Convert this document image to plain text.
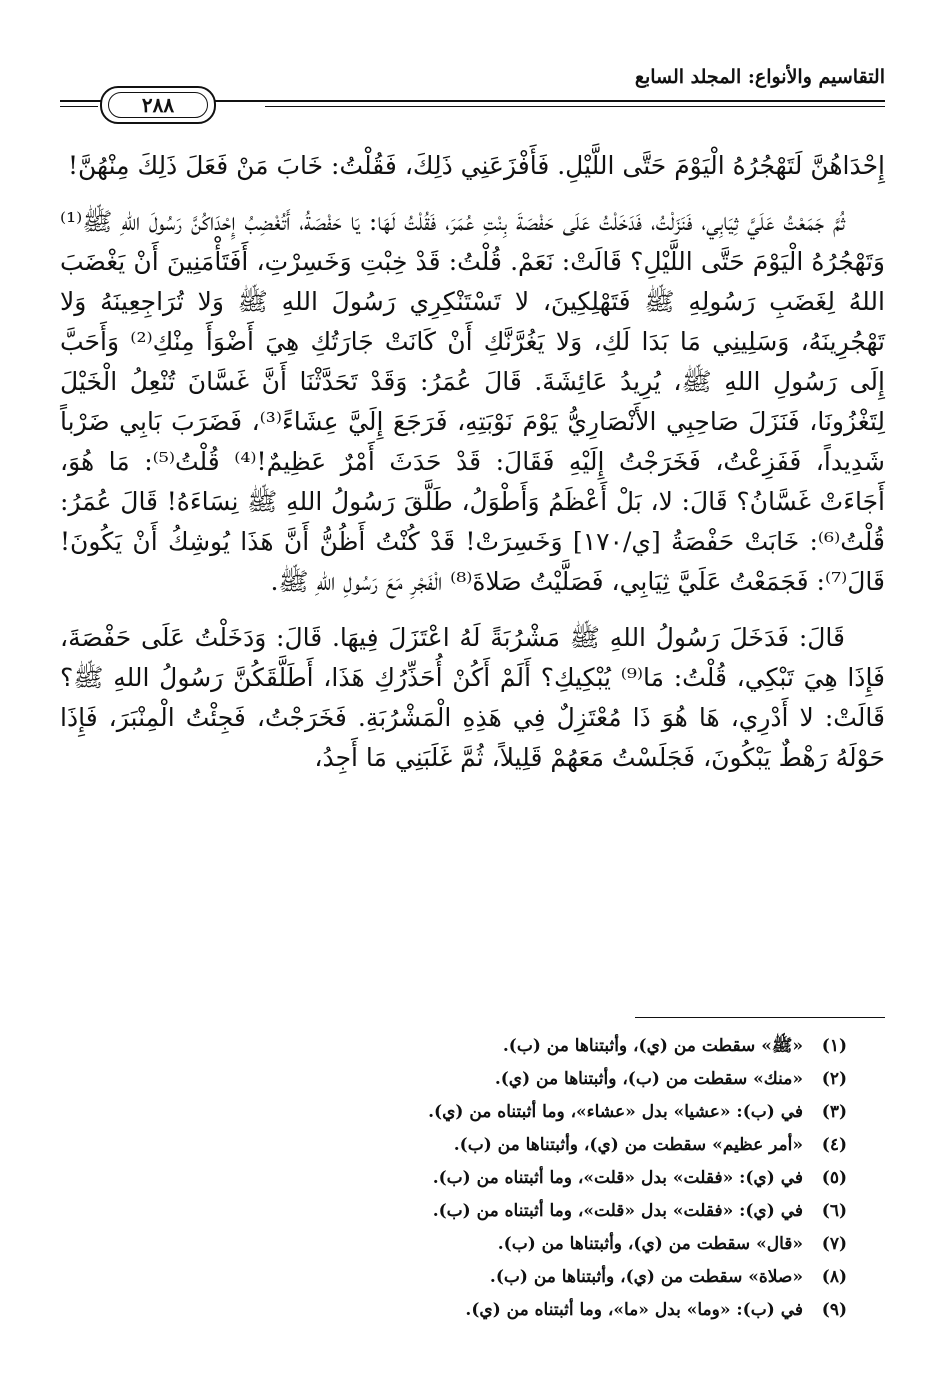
التقاسيم والأنواع: المجلد السابع
٢٨٨

إِحْدَاهُنَّ لَتَهْجُرُهُ الْيَوْمَ حَتَّى اللَّيْلِ. فَأَفْزَعَنِي ذَلِكَ، فَقُلْتُ: خَابَ مَنْ فَعَلَ ذَلِكَ مِنْهُنَّ!

ثُمَّ جَمَعْتُ عَلَيَّ ثِيَابِي، فَنَزَلْتُ، فَدَخَلْتُ عَلَى حَفْصَةَ بِنْتِ عُمَرَ، فَقُلْتُ لَهَا: يَا حَفْصَةُ، أَتُغْضِبُ إِحْدَاكُنَّ رَسُولَ اللهِ ﷺ⁽¹⁾ وَتَهْجُرُهُ الْيَوْمَ حَتَّى اللَّيْلِ؟ قَالَتْ: نَعَمْ. قُلْتُ: قَدْ خِبْتِ وَخَسِرْتِ، أَفَتَأْمَنِينَ أَنْ يَغْضَبَ اللهُ لِغَضَبِ رَسُولِهِ ﷺ فَتَهْلِكِينَ، لا تَسْتَنْكِرِي رَسُولَ اللهِ ﷺ وَلا تُرَاجِعِينَهُ وَلا تَهْجُرِينَهُ، وَسَلِينِي مَا بَدَا لَكِ، وَلا يَغُرَّنَّكِ أَنْ كَانَتْ جَارَتُكِ هِيَ أَضْوَأَ مِنْكِ⁽²⁾ وَأَحَبَّ إِلَى رَسُولِ اللهِ ﷺ، يُرِيدُ عَائِشَةَ. قَالَ عُمَرُ: وَقَدْ تَحَدَّثْنَا أَنَّ غَسَّانَ تُنْعِلُ الْخَيْلَ لِتَغْزُونَا، فَنَزَلَ صَاحِبِي الأَنْصَارِيُّ يَوْمَ نَوْبَتِهِ، فَرَجَعَ إِلَيَّ عِشَاءً⁽³⁾، فَضَرَبَ بَابِي ضَرْباً شَدِيداً، فَفَزِعْتُ، فَخَرَجْتُ إِلَيْهِ فَقَالَ: قَدْ حَدَثَ أَمْرٌ عَظِيمٌ!⁽⁴⁾ قُلْتُ⁽⁵⁾: مَا هُوَ، أَجَاءَتْ غَسَّانُ؟ قَالَ: لا، بَلْ أَعْظَمُ وَأَطْوَلُ، طَلَّقَ رَسُولُ اللهِ ﷺ نِسَاءَهُ! قَالَ عُمَرُ: قُلْتُ⁽⁶⁾: خَابَتْ حَفْصَةُ [ي/١٧٠] وَخَسِرَتْ! قَدْ كُنْتُ أَظُنُّ أَنَّ هَذَا يُوشِكُ أَنْ يَكُونَ! قَالَ⁽⁷⁾: فَجَمَعْتُ عَلَيَّ ثِيَابِي، فَصَلَّيْتُ صَلاةَ⁽⁸⁾ الْفَجْرِ مَعَ رَسُولِ اللهِ ﷺ.

قَالَ: فَدَخَلَ رَسُولُ اللهِ ﷺ مَشْرُبَةً لَهُ اعْتَزَلَ فِيهَا. قَالَ: وَدَخَلْتُ عَلَى حَفْصَةَ، فَإِذَا هِيَ تَبْكِي، قُلْتُ: مَا⁽⁹⁾ يُبْكِيكِ؟ أَلَمْ أَكُنْ أُحَذِّرُكِ هَذَا، أَطَلَّقَكُنَّ رَسُولُ اللهِ ﷺ؟ قَالَتْ: لا أَدْرِي، هَا هُوَ ذَا مُعْتَزِلٌ فِي هَذِهِ الْمَشْرُبَةِ. فَخَرَجْتُ، فَجِئْتُ الْمِنْبَرَ، فَإِذَا حَوْلَهُ رَهْطٌ يَبْكُونَ، فَجَلَسْتُ مَعَهُمْ قَلِيلاً، ثُمَّ غَلَبَنِي مَا أَجِدُ،

(١)«ﷺ» سقطت من (ي)، وأثبتناها من (ب).
(٢)«منك» سقطت من (ب)، وأثبتناها من (ي).
(٣)في (ب): «عشيا» بدل «عشاء»، وما أثبتناه من (ي).
(٤)«أمر عظيم» سقطت من (ي)، وأثبتناها من (ب).
(٥)في (ي): «فقلت» بدل «قلت»، وما أثبتناه من (ب).
(٦)في (ي): «فقلت» بدل «قلت»، وما أثبتناه من (ب).
(٧)«قال» سقطت من (ي)، وأثبتناها من (ب).
(٨)«صلاة» سقطت من (ي)، وأثبتناها من (ب).
(٩)في (ب): «وما» بدل «ما»، وما أثبتناه من (ي).
